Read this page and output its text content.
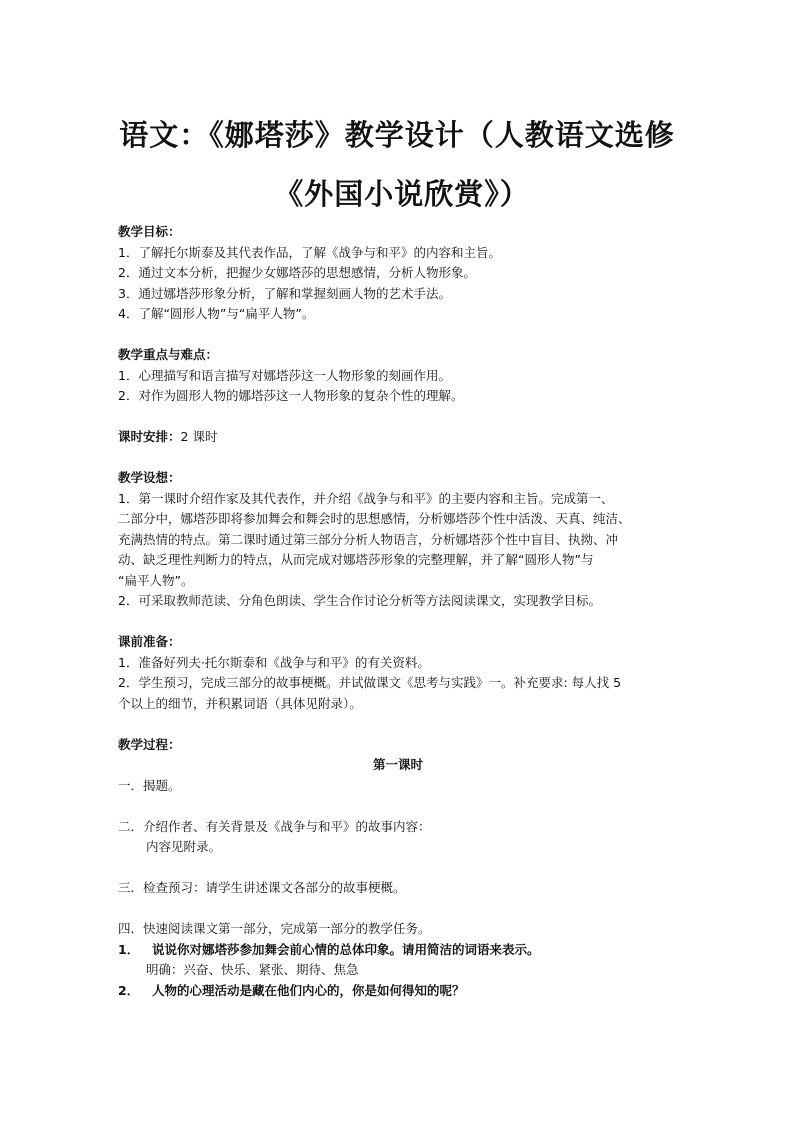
语文：《娜塔莎》教学设计（人教语文选修
《外国小说欣赏》）
教学目标：
1．了解托尔斯泰及其代表作品，了解《战争与和平》的内容和主旨。
2．通过文本分析，把握少女娜塔莎的思想感情，分析人物形象。
3．通过娜塔莎形象分析，了解和掌握刻画人物的艺术手法。
4．了解“圆形人物”与“扁平人物”。
教学重点与难点：
1．心理描写和语言描写对娜塔莎这一人物形象的刻画作用。
2．对作为圆形人物的娜塔莎这一人物形象的复杂个性的理解。
课时安排：2 课时
教学设想：
1．第一课时介绍作家及其代表作，并介绍《战争与和平》的主要内容和主旨。完成第一、
二部分中，娜塔莎即将参加舞会和舞会时的思想感情，分析娜塔莎个性中活泼、天真、纯洁、
充满热情的特点。第二课时通过第三部分分析人物语言，分析娜塔莎个性中盲目、执拗、冲
动、缺乏理性判断力的特点，从而完成对娜塔莎形象的完整理解，并了解“圆形人物”与
“扁平人物”。
2．可采取教师范读、分角色朗读、学生合作讨论分析等方法阅读课文，实现教学目标。
课前准备：
1．准备好列夫·托尔斯泰和《战争与和平》的有关资料。
2．学生预习，完成三部分的故事梗概。并试做课文《思考与实践》一。补充要求: 每人找 5
个以上的细节，并积累词语（具体见附录）。
教学过程：
第一课时
一．揭题。
二．介绍作者、有关背景及《战争与和平》的故事内容：
内容见附录。
三．检查预习：请学生讲述课文各部分的故事梗概。
四．快速阅读课文第一部分，完成第一部分的教学任务。
1． 说说你对娜塔莎参加舞会前心情的总体印象。请用简洁的词语来表示。
明确：兴奋、快乐、紧张、期待、焦急
2． 人物的心理活动是藏在他们内心的，你是如何得知的呢？
